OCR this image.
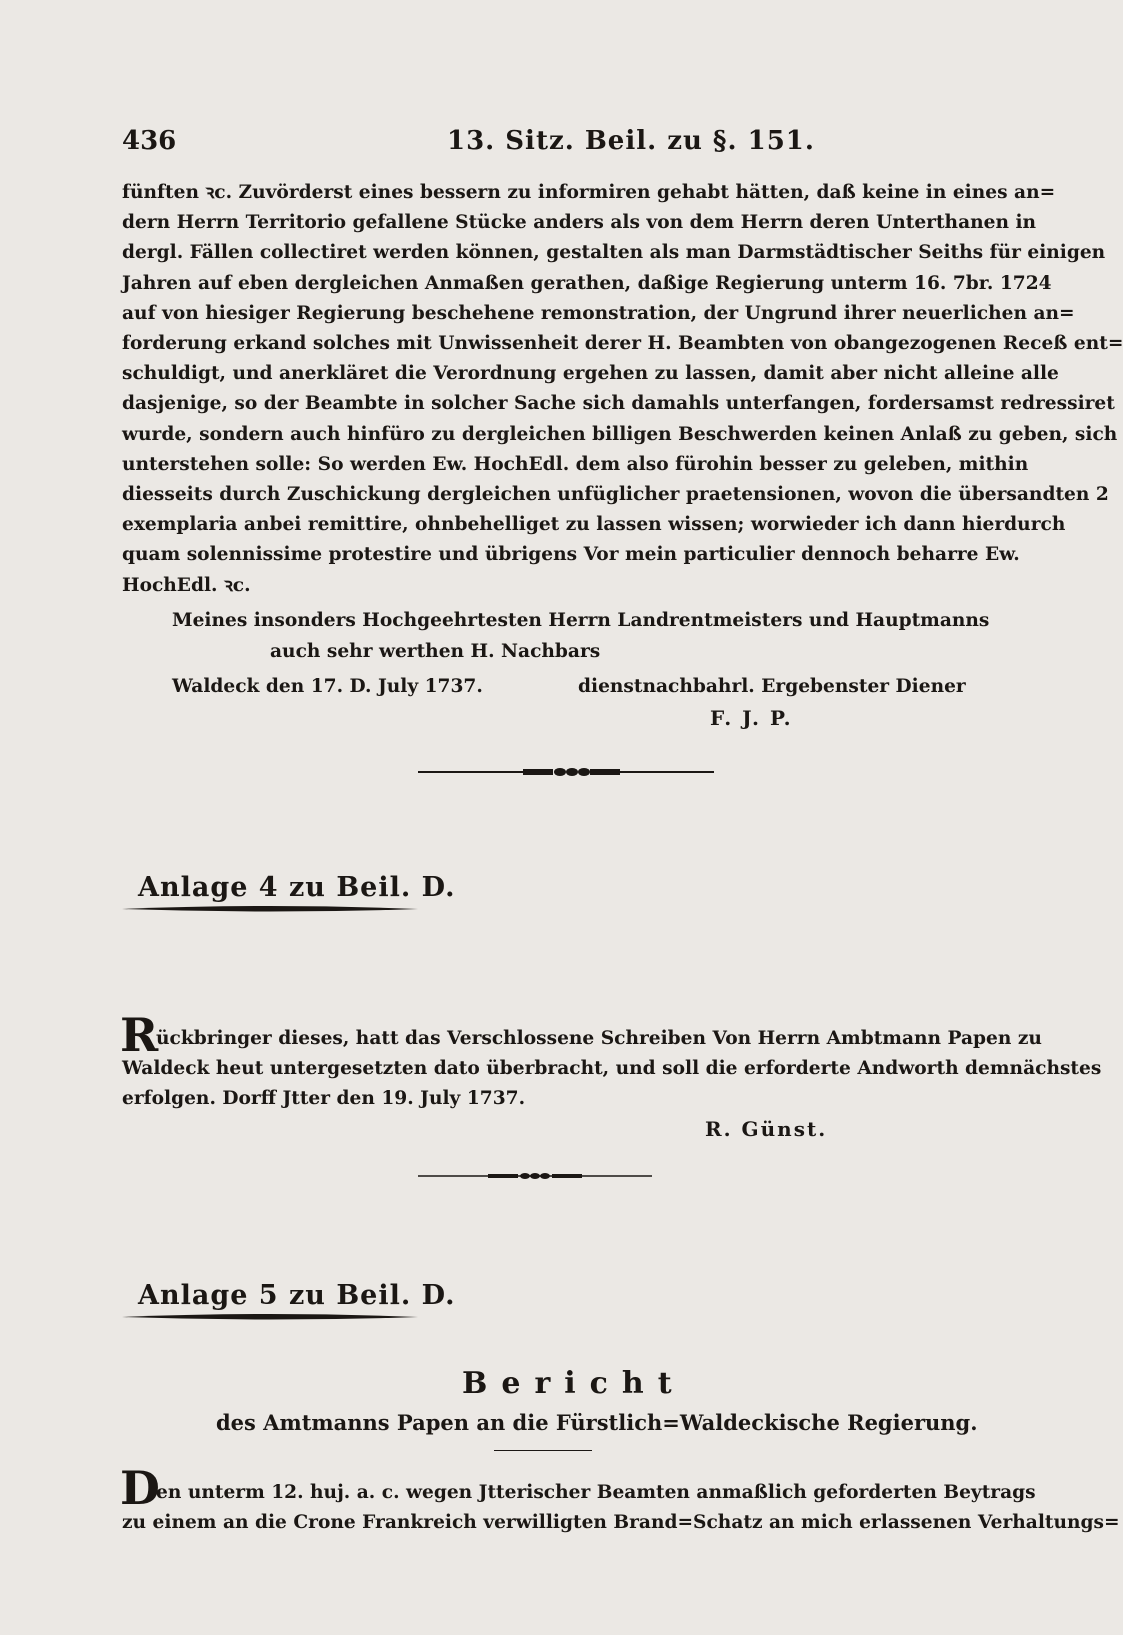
436	13. Sitz. Beil. zu §. 151.
fünften ꝛc. Zuvörderst eines bessern zu informiren gehabt hätten, daß keine in eines an=
dern Herrn Territorio gefallene Stücke anders als von dem Herrn deren Unterthanen in
dergl. Fällen collectiret werden können, gestalten als man Darmstädtischer Seiths für einigen
Jahren auf eben dergleichen Anmaßen gerathen, daßige Regierung unterm 16. 7br. 1724
auf von hiesiger Regierung beschehene remonstration, der Ungrund ihrer neuerlichen an=
forderung erkand solches mit Unwissenheit derer H. Beambten von obangezogenen Receß ent=
schuldigt, und anerkläret die Verordnung ergehen zu lassen, damit aber nicht alleine alle
dasjenige, so der Beambte in solcher Sache sich damahls unterfangen, fordersamst redressiret
wurde, sondern auch hinfüro zu dergleichen billigen Beschwerden keinen Anlaß zu geben, sich
unterstehen solle: So werden Ew. HochEdl. dem also fürohin besser zu geleben, mithin
diesseits durch Zuschickung dergleichen unfüglicher praetensionen, wovon die übersandten 2
exemplaria anbei remittire, ohnbehelliget zu lassen wissen; worwieder ich dann hierdurch
quam solennissime protestire und übrigens Vor mein particulier dennoch beharre Ew.
HochEdl. ꝛc.
Meines insonders Hochgeehrtesten Herrn Landrentmeisters und Hauptmanns
auch sehr werthen H. Nachbars
Waldeck den 17. D. July 1737.	dienstnachbahrl. Ergebenster Diener
F. J. P.
Anlage 4 zu Beil. D.
R
ückbringer dieses, hatt das Verschlossene Schreiben Von Herrn Ambtmann Papen zu
Waldeck heut untergesetzten dato überbracht, und soll die erforderte Andworth demnächstes
erfolgen. Dorff Jtter den 19. July 1737.
R. Günst.
Anlage 5 zu Beil. D.
Bericht
des Amtmanns Papen an die Fürstlich=Waldeckische Regierung.
D
en unterm 12. huj. a. c. wegen Jtterischer Beamten anmaßlich geforderten Beytrags
zu einem an die Crone Frankreich verwilligten Brand=Schatz an mich erlassenen Verhaltungs=
